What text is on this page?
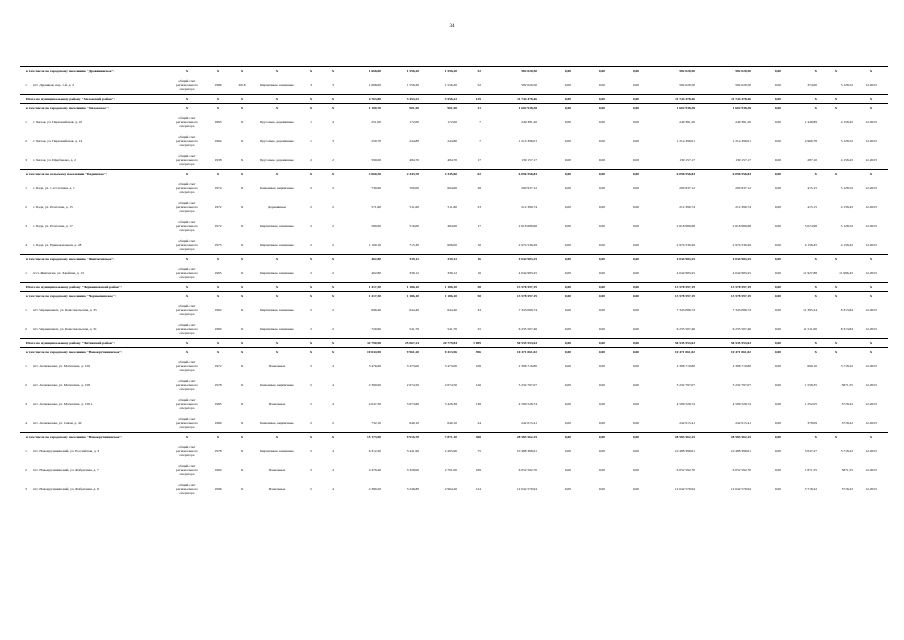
34
в том числе по городскому поселению "Дровянинское":		X	X	X	X	X	X	1 668,00	1 556,20	1 556,20	52	582 020,50	0,00	0,00	0,00	582 020,50	582 020,50	0,00	X	X	X
1	пгт. Дровяная, пер. 1-й, д. 2	общий счет регионального оператора	1986	2018	Кирпичные, каменные	3	3	1 668,00	1 556,20	1 556,20	52	582 020,50	0,00	0,00	0,00	582 020,50	582 020,50	0,00	374,00	5 128,52	12.2023
Итого по муниципальному району "Хилокский район":		X	X	X	X	X	X	4 763,80	3 454,22	3 556,22	129	11 744 478,46	0,00	0,00	0,00	11 744 478,46	11 744 478,46	0,00	X	X	X
в том числе по городскому поселению "Хилокское":		X	X	X	X	X	X	1 100,70	901,50	901,50	21	1 602 938,38	0,00	0,00	0,00	1 602 938,38	1 602 938,38	0,00	X	X	X
1	г. Хилок, ул. Первомайская, д. 10	общий счет регионального оператора	1893	X	Брусовые, деревянные	1	4	251,00	172,00	172,00	7	249 381,20	0,00	0,00	0,00	249 381,20	249 381,20	0,00	1 449,89	4 158,45	12.2023
2	г. Хилок, ул. Первомайская, д. 14	общий счет регионального оператора	1964	X	Брусовые, деревянные	1	3	259,70	244,80	244,80	7	1 214 399,01	0,00	0,00	0,00	1 214 399,01	1 214 399,01	0,00	4 960,78	5 128,52	12.2023
3	г. Хилок, ул. Щербакова, д. 2	общий счет регионального оператора	1938	X	Брусовые, деревянные	2	2	590,00	484,70	484,70	17	139 157,17	0,00	0,00	0,00	139 157,17	139 157,17	0,00	287,10	4 158,45	12.2023
в том числе по сельскому поселению "Бадинское":		X	X	X	X	X	X	3 060,30	2 443,70	2 345,60	62	6 096 556,83	0,00	0,00	0,00	6 096 556,83	6 096 556,83	0,00	X	X	X
1	с. Бада, ул. 1-я Степная, д. 1	общий счет регионального оператора	1974	X	Каменные, кирпичные	2	2	739,60	700,00	604,00	26	290 937,12	0,00	0,00	0,00	290 937,12	290 937,12	0,00	415,15	5 128,52	12.2023
2	с. Бада, ул. Почтовая, д. 15	общий счет регионального оператора	1972	X	Деревянные	2	2	571,60	511,60	511,60	23	212 390,74	0,00	0,00	0,00	212 390,74	212 390,74	0,00	415,15	4 158,45	12.2023
3	с. Бада, ул. Почтовая, д. 17	общий счет регионального оператора	1972	X	Кирпичные, каменные	2	2	580,00	516,00	484,00	17	2 618 689,68	0,00	0,00	0,00	2 618 689,68	2 618 689,68	0,00	5 074,98	5 128,52	12.2023
4	с. Бада, ул. Привокзальная, д. 28	общий счет регионального оператора	1975	X	Кирпичные, каменные	2	2	1 169,10	715,30	606,00	16	2 974 539,29	0,00	0,00	0,00	2 974 539,29	2 974 539,29	0,00	4 158,45	4 158,45	12.2023
в том числе по городскому поселению "Жипхегенское":		X	X	X	X	X	X	402,80	339,12	339,12	16	4 044 983,25	0,00	0,00	0,00	4 044 983,25	4 044 983,25	0,00	X	X	X
1	п/ст. Жипхеген, ул. Хвойная, д. 13	общий счет регионального оператора	1965	X	Кирпичные, каменные	2	2	402,80	339,12	339,12	16	4 044 983,25	0,00	0,00	0,00	4 044 983,25	4 044 983,25	0,00	11 927,88	11 996,45	12.2023
Итого по муниципальному району "Чернышевский район":		X	X	X	X	X	X	1 417,30	1 186,10	1 186,10	58	13 578 597,19	0,00	0,00	0,00	13 578 597,19	13 578 597,19	0,00	X	X	X
в том числе по городскому поселению "Чернышевское":		X	X	X	X	X	X	1 417,30	1 186,10	1 186,10	58	13 578 597,19	0,00	0,00	0,00	13 578 597,19	13 578 597,19	0,00	X	X	X
1	пгт. Чернышевск, ул. Комсомольская, д. 35	общий счет регионального оператора	1962	X	Кирпичные, каменные	2	2	696,40	644,40	644,40	33	7 343 089,74	0,00	0,00	0,00	7 343 089,74	7 343 089,74	0,00	11 395,24	8 313,84	12.2023
2	пгт. Чернышевск, ул. Комсомольская, д. 31	общий счет регионального оператора	1960	X	Кирпичные, каменные	2	2	720,90	541,70	541,70	25	6 235 507,46	0,00	0,00	0,00	6 235 507,46	6 235 507,46	0,00	11 511,00	8 313,84	12.2023
Итого по муниципальному району "Читинский район":		X	X	X	X	X	X	32 790,90	25 067,24	20 779,84	1 009	50 535 553,63	0,00	0,00	0,00	50 535 553,63	50 535 553,63	0,00	X	X	X
в том числе по городскому поселению "Новокручининское":		X	X	X	X	X	X	10 044,90	9 961,20	9 413,96	396	10 471 061,02	0,00	0,00	0,00	10 471 061,02	10 471 061,02	0,00	X	X	X
1	пгт. Атамановка, ул. Матюгина, д. 129	общий счет регионального оператора	1972	X	Панельные	5	4	3 476,60	3 473,00	3 473,00	108	2 396 719,80	0,00	0,00	0,00	2 396 719,80	2 396 719,80	0,00	690,10	3 718,22	12.2023
2	пгт. Атамановка, ул. Матюгина, д. 158	общий счет регионального оператора	1978	X	Каменные, кирпичные	5	4	2 390,00	2 074,50	2 074,50	126	3 232 797,07	0,00	0,00	0,00	3 232 797,07	3 232 797,07	0,00	1 558,35	3871,55	12.2023
3	пгт. Атамановка, ул. Матюгина, д. 158 а	общий счет регионального оператора	1985	X	Панельные	5	4	4 047,30	3 673,60	3 426,38	136	4 599 528,74	0,00	0,00	0,00	4 599 528,74	4 599 528,74	0,00	1 252,05	3718,22	12.2023
4	пгт. Атамановка, ул. Связи, д. 42	общий счет регионального оператора	1969	X	Каменные, кирпичные	2	2	732,10	640,10	640,10	24	242 015,41	0,00	0,00	0,00	242 015,41	242 015,41	0,00	378,09	3718,22	12.2023
в том числе по городскому поселению "Новокручининское":		X	X	X	X	X	X	15 173,90	9 916,70	7 871,10	368	28 583 562,25	0,00	0,00	0,00	28 583 562,25	28 583 562,25	0,00	X	X	X
1	пгт. Новокручининский, ул. Российская, д. 3	общий счет регионального оператора	1978	X	Кирпичные, каменные	5	4	6 312,20	3 441,90	2 205,90	75	10 488 398,61	0,00	0,00	0,00	10 488 398,61	10 488 398,61	0,00	3 047,27	3 718,22	12.2023
2	пгт. Новокручининский, ул. Фабричная, д. 7	общий счет регионального оператора	1994	X	Панельные	5	4	4 479,40	3 328,00	2 701,00	169	6 052 592,70	0,00	0,00	0,00	6 052 592,70	6 052 592,70	0,00	1 871,55	3871,55	12.2023
3	пгт. Новокручининский, ул. Фабричная, д. 8	общий счет регионального оператора	1996	X	Панельные	5	4	4 380,20	3 246,80	2 964,20	124	12 042 570,94	0,00	0,00	0,00	12 042 570,94	12 042 570,94	0,00	3 718,22	3718,22	12.2023
